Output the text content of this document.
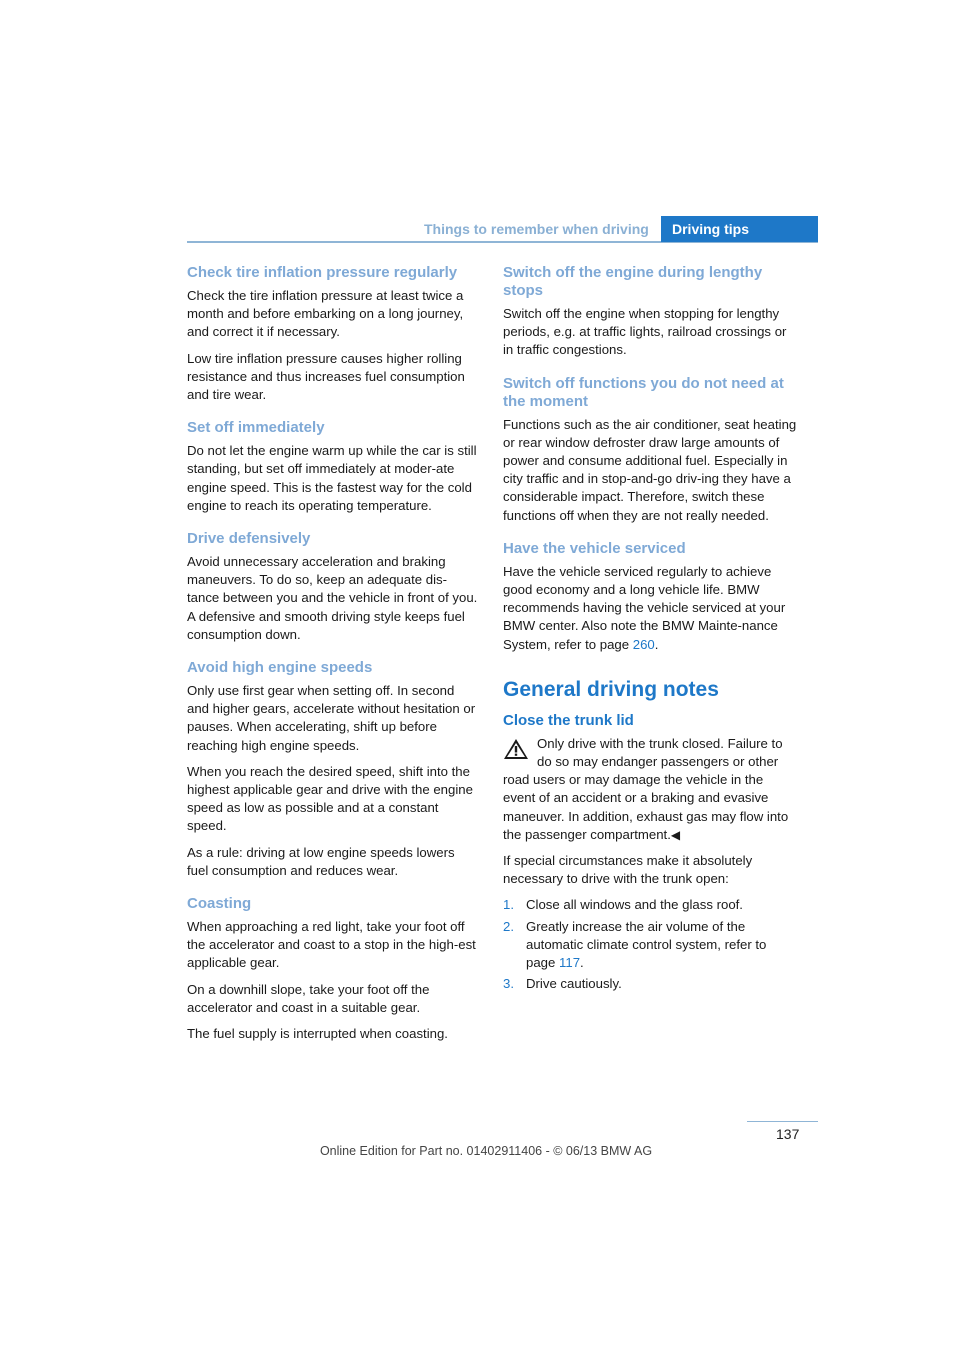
Things to remember when driving	Driving tips
Check tire inflation pressure regularly

Check the tire inflation pressure at least twice a month and before embarking on a long journey, and correct it if necessary.

Low tire inflation pressure causes higher rolling resistance and thus increases fuel consumption and tire wear.

Set off immediately

Do not let the engine warm up while the car is still standing, but set off immediately at moder-ate engine speed. This is the fastest way for the cold engine to reach its operating temperature.

Drive defensively

Avoid unnecessary acceleration and braking maneuvers. To do so, keep an adequate dis-tance between you and the vehicle in front of you. A defensive and smooth driving style keeps fuel consumption down.

Avoid high engine speeds

Only use first gear when setting off. In second and higher gears, accelerate without hesitation or pauses. When accelerating, shift up before reaching high engine speeds.

When you reach the desired speed, shift into the highest applicable gear and drive with the engine speed as low as possible and at a constant speed.

As a rule: driving at low engine speeds lowers fuel consumption and reduces wear.

Coasting

When approaching a red light, take your foot off the accelerator and coast to a stop in the high-est applicable gear.

On a downhill slope, take your foot off the accelerator and coast in a suitable gear.

The fuel supply is interrupted when coasting.

Switch off the engine during lengthy stops

Switch off the engine when stopping for lengthy periods, e.g. at traffic lights, railroad crossings or in traffic congestions.

Switch off functions you do not need at the moment

Functions such as the air conditioner, seat heating or rear window defroster draw large amounts of power and consume additional fuel. Especially in city traffic and in stop-and-go driv-ing they have a considerable impact. Therefore, switch these functions off when they are not really needed.

Have the vehicle serviced

Have the vehicle serviced regularly to achieve good economy and a long vehicle life. BMW recommends having the vehicle serviced at your BMW center. Also note the BMW Mainte-nance System, refer to page 260.

General driving notes
Close the trunk lid
Only drive with the trunk closed. Failure to do so may endanger passengers or other
road users or may damage the vehicle in the event of an accident or a braking and evasive maneuver. In addition, exhaust gas may flow into the passenger compartment.◀

If special circumstances make it absolutely necessary to drive with the trunk open:

1. Close all windows and the glass roof.
2. Greatly increase the air volume of the automatic climate control system, refer to page 117.
3. Drive cautiously.
137
Online Edition for Part no. 01402911406 - © 06/13 BMW AG
